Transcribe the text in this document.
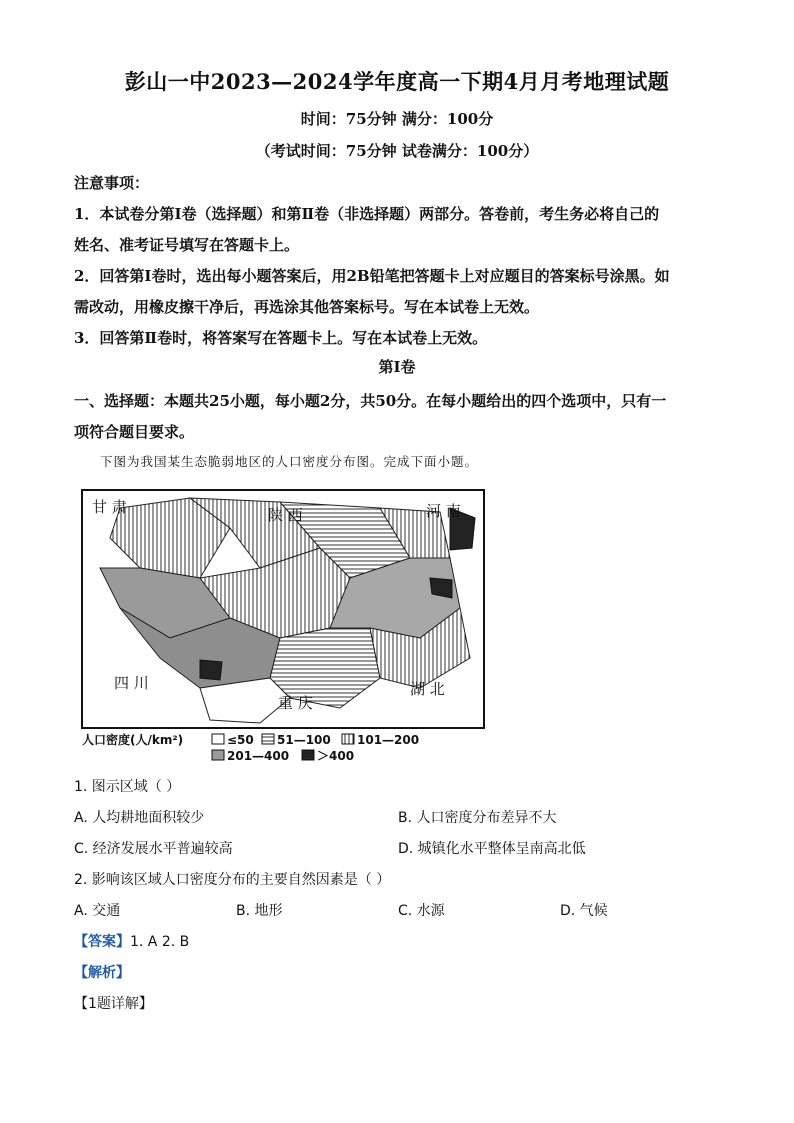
彭山一中2023—2024学年度高一下期4月月考地理试题
时间：75分钟 满分：100分
（考试时间：75分钟 试卷满分：100分）
注意事项：
1．本试卷分第Ⅰ卷（选择题）和第Ⅱ卷（非选择题）两部分。答卷前，考生务必将自己的
姓名、准考证号填写在答题卡上。
2．回答第Ⅰ卷时，选出每小题答案后，用2B铅笔把答题卡上对应题目的答案标号涂黑。如
需改动，用橡皮擦干净后，再选涂其他答案标号。写在本试卷上无效。
3．回答第Ⅱ卷时，将答案写在答题卡上。写在本试卷上无效。
第Ⅰ卷
一、选择题：本题共25小题，每小题2分，共50分。在每小题给出的四个选项中，只有一
项符合题目要求。
下图为我国某生态脆弱地区的人口密度分布图。完成下面小题。
甘 肃	陕 西	河 南
四 川
重 庆
湖 北
人口密度(人/km²)	≤50 51—100 101—200
201—400 ＞400
1. 图示区域（ ）
A. 人均耕地面积较少	B. 人口密度分布差异不大
C. 经济发展水平普遍较高	D. 城镇化水平整体呈南高北低
2. 影响该区域人口密度分布的主要自然因素是（ ）
A. 交通	B. 地形	C. 水源	D. 气候
【答案】1. A 2. B
【解析】
【1题详解】
